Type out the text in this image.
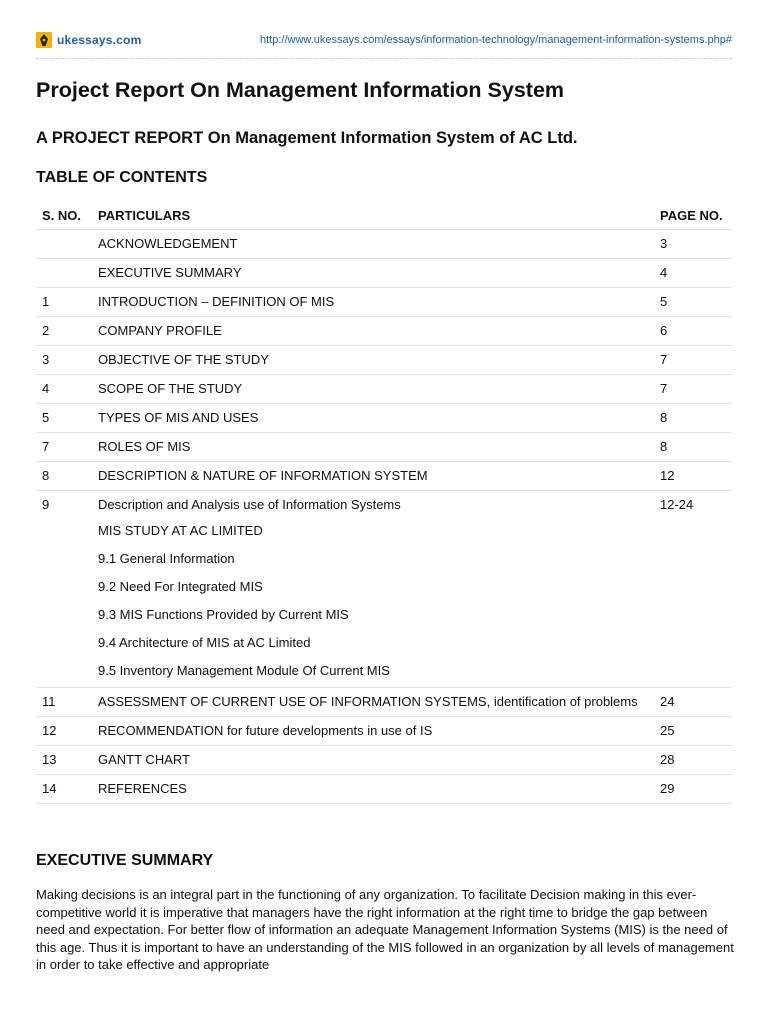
ukessays.com	http://www.ukessays.com/essays/information-technology/management-information-systems.php#
Project Report On Management Information System
A PROJECT REPORT On Management Information System of AC Ltd.
TABLE OF CONTENTS
S. NO.	PARTICULARS	PAGE NO.
	ACKNOWLEDGEMENT	3
	EXECUTIVE SUMMARY	4
1	INTRODUCTION – DEFINITION OF MIS	5
2	COMPANY PROFILE	6
3	OBJECTIVE OF THE STUDY	7
4	SCOPE OF THE STUDY	7
5	TYPES OF MIS AND USES	8
7	ROLES OF MIS	8
8	DESCRIPTION & NATURE OF INFORMATION SYSTEM	12
9	Description and Analysis use of Information Systems	12-24
	MIS STUDY AT AC LIMITED	
	9.1 General Information	
	9.2 Need For Integrated MIS	
	9.3 MIS Functions Provided by Current MIS	
	9.4 Architecture of MIS at AC Limited	
	9.5 Inventory Management Module Of Current MIS	
11	ASSESSMENT OF CURRENT USE OF INFORMATION SYSTEMS, identification of problems	24
12	RECOMMENDATION for future developments in use of IS	25
13	GANTT CHART	28
14	REFERENCES	29
EXECUTIVE SUMMARY

Making decisions is an integral part in the functioning of any organization. To facilitate Decision making in this ever-competitive world it is imperative that managers have the right information at the right time to bridge the gap between need and expectation. For better flow of information an adequate Management Information Systems (MIS) is the need of this age. Thus it is important to have an understanding of the MIS followed in an organization by all levels of management in order to take effective and appropriate
